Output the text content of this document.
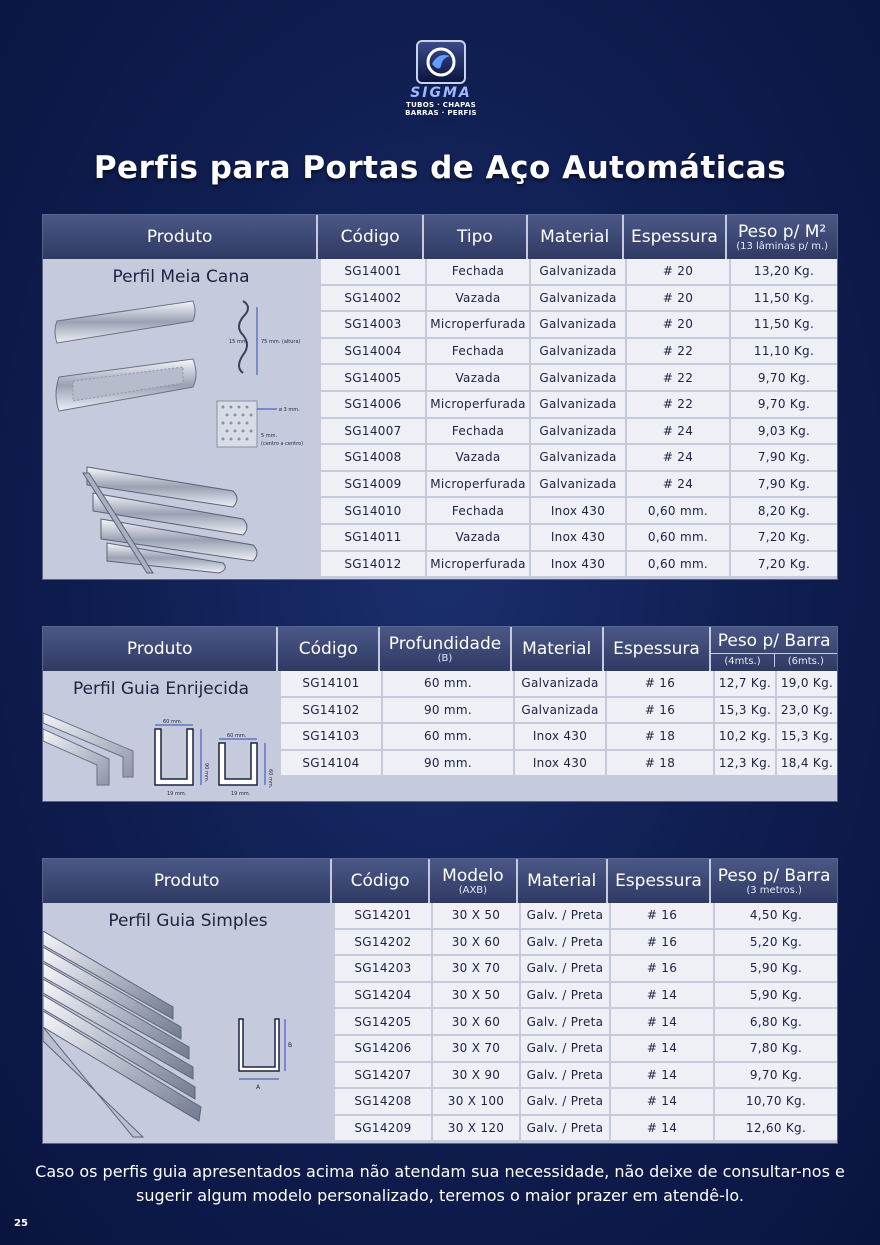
SIGMA
TUBOS · CHAPAS
BARRAS · PERFIS
Perfis para Portas de Aço Automáticas
Produto	Código	Tipo	Material Espessura Peso p/ M²
(13 lâminas p/ m.)
Perfil Meia Cana
75 mm. (altura)
15 mm.
ø 3 mm.
5 mm.
(centro a centro)
SG14001	Fechada	Galvanizada	# 20	13,20 Kg.
SG14002	Vazada	Galvanizada	# 20	11,50 Kg.
SG14003	Microperfurada	Galvanizada	# 20	11,50 Kg.
SG14004	Fechada	Galvanizada	# 22	11,10 Kg.
SG14005	Vazada	Galvanizada	# 22	9,70 Kg.
SG14006	Microperfurada	Galvanizada	# 22	9,70 Kg.
SG14007	Fechada	Galvanizada	# 24	9,03 Kg.
SG14008	Vazada	Galvanizada	# 24	7,90 Kg.
SG14009	Microperfurada	Galvanizada	# 24	7,90 Kg.
SG14010	Fechada	Inox 430	0,60 mm.	8,20 Kg.
SG14011	Vazada	Inox 430	0,60 mm.	7,20 Kg.
SG14012	Microperfurada	Inox 430	0,60 mm.	7,20 Kg.
Produto	Código Profundidade
(B)	Material Espessura Peso p/ Barra
(4mts.)	(6mts.)
Perfil Guia Enrijecida
60 mm.
60 mm.
90 mm.	60 mm.
19 mm.	19 mm.
SG14101	60 mm.	Galvanizada	# 16	12,7 Kg. 19,0 Kg.
SG14102	90 mm.	Galvanizada	# 16	15,3 Kg. 23,0 Kg.
SG14103	60 mm.	Inox 430	# 18	10,2 Kg. 15,3 Kg.
SG14104	90 mm.	Inox 430	# 18	12,3 Kg. 18,4 Kg.
Produto	Código Modelo
(AXB) Material Espessura Peso p/ Barra
(3 metros.)
Perfil Guia Simples
B
A
SG14201	30 X 50	Galv. / Preta	# 16	4,50 Kg.
SG14202	30 X 60	Galv. / Preta	# 16	5,20 Kg.
SG14203	30 X 70	Galv. / Preta	# 16	5,90 Kg.
SG14204	30 X 50	Galv. / Preta	# 14	5,90 Kg.
SG14205	30 X 60	Galv. / Preta	# 14	6,80 Kg.
SG14206	30 X 70	Galv. / Preta	# 14	7,80 Kg.
SG14207	30 X 90	Galv. / Preta	# 14	9,70 Kg.
SG14208	30 X 100	Galv. / Preta	# 14	10,70 Kg.
SG14209	30 X 120	Galv. / Preta	# 14	12,60 Kg.
Caso os perfis guia apresentados acima não atendam sua necessidade, não deixe de consultar-nos e sugerir algum modelo personalizado, teremos o maior prazer em atendê-lo.
25
